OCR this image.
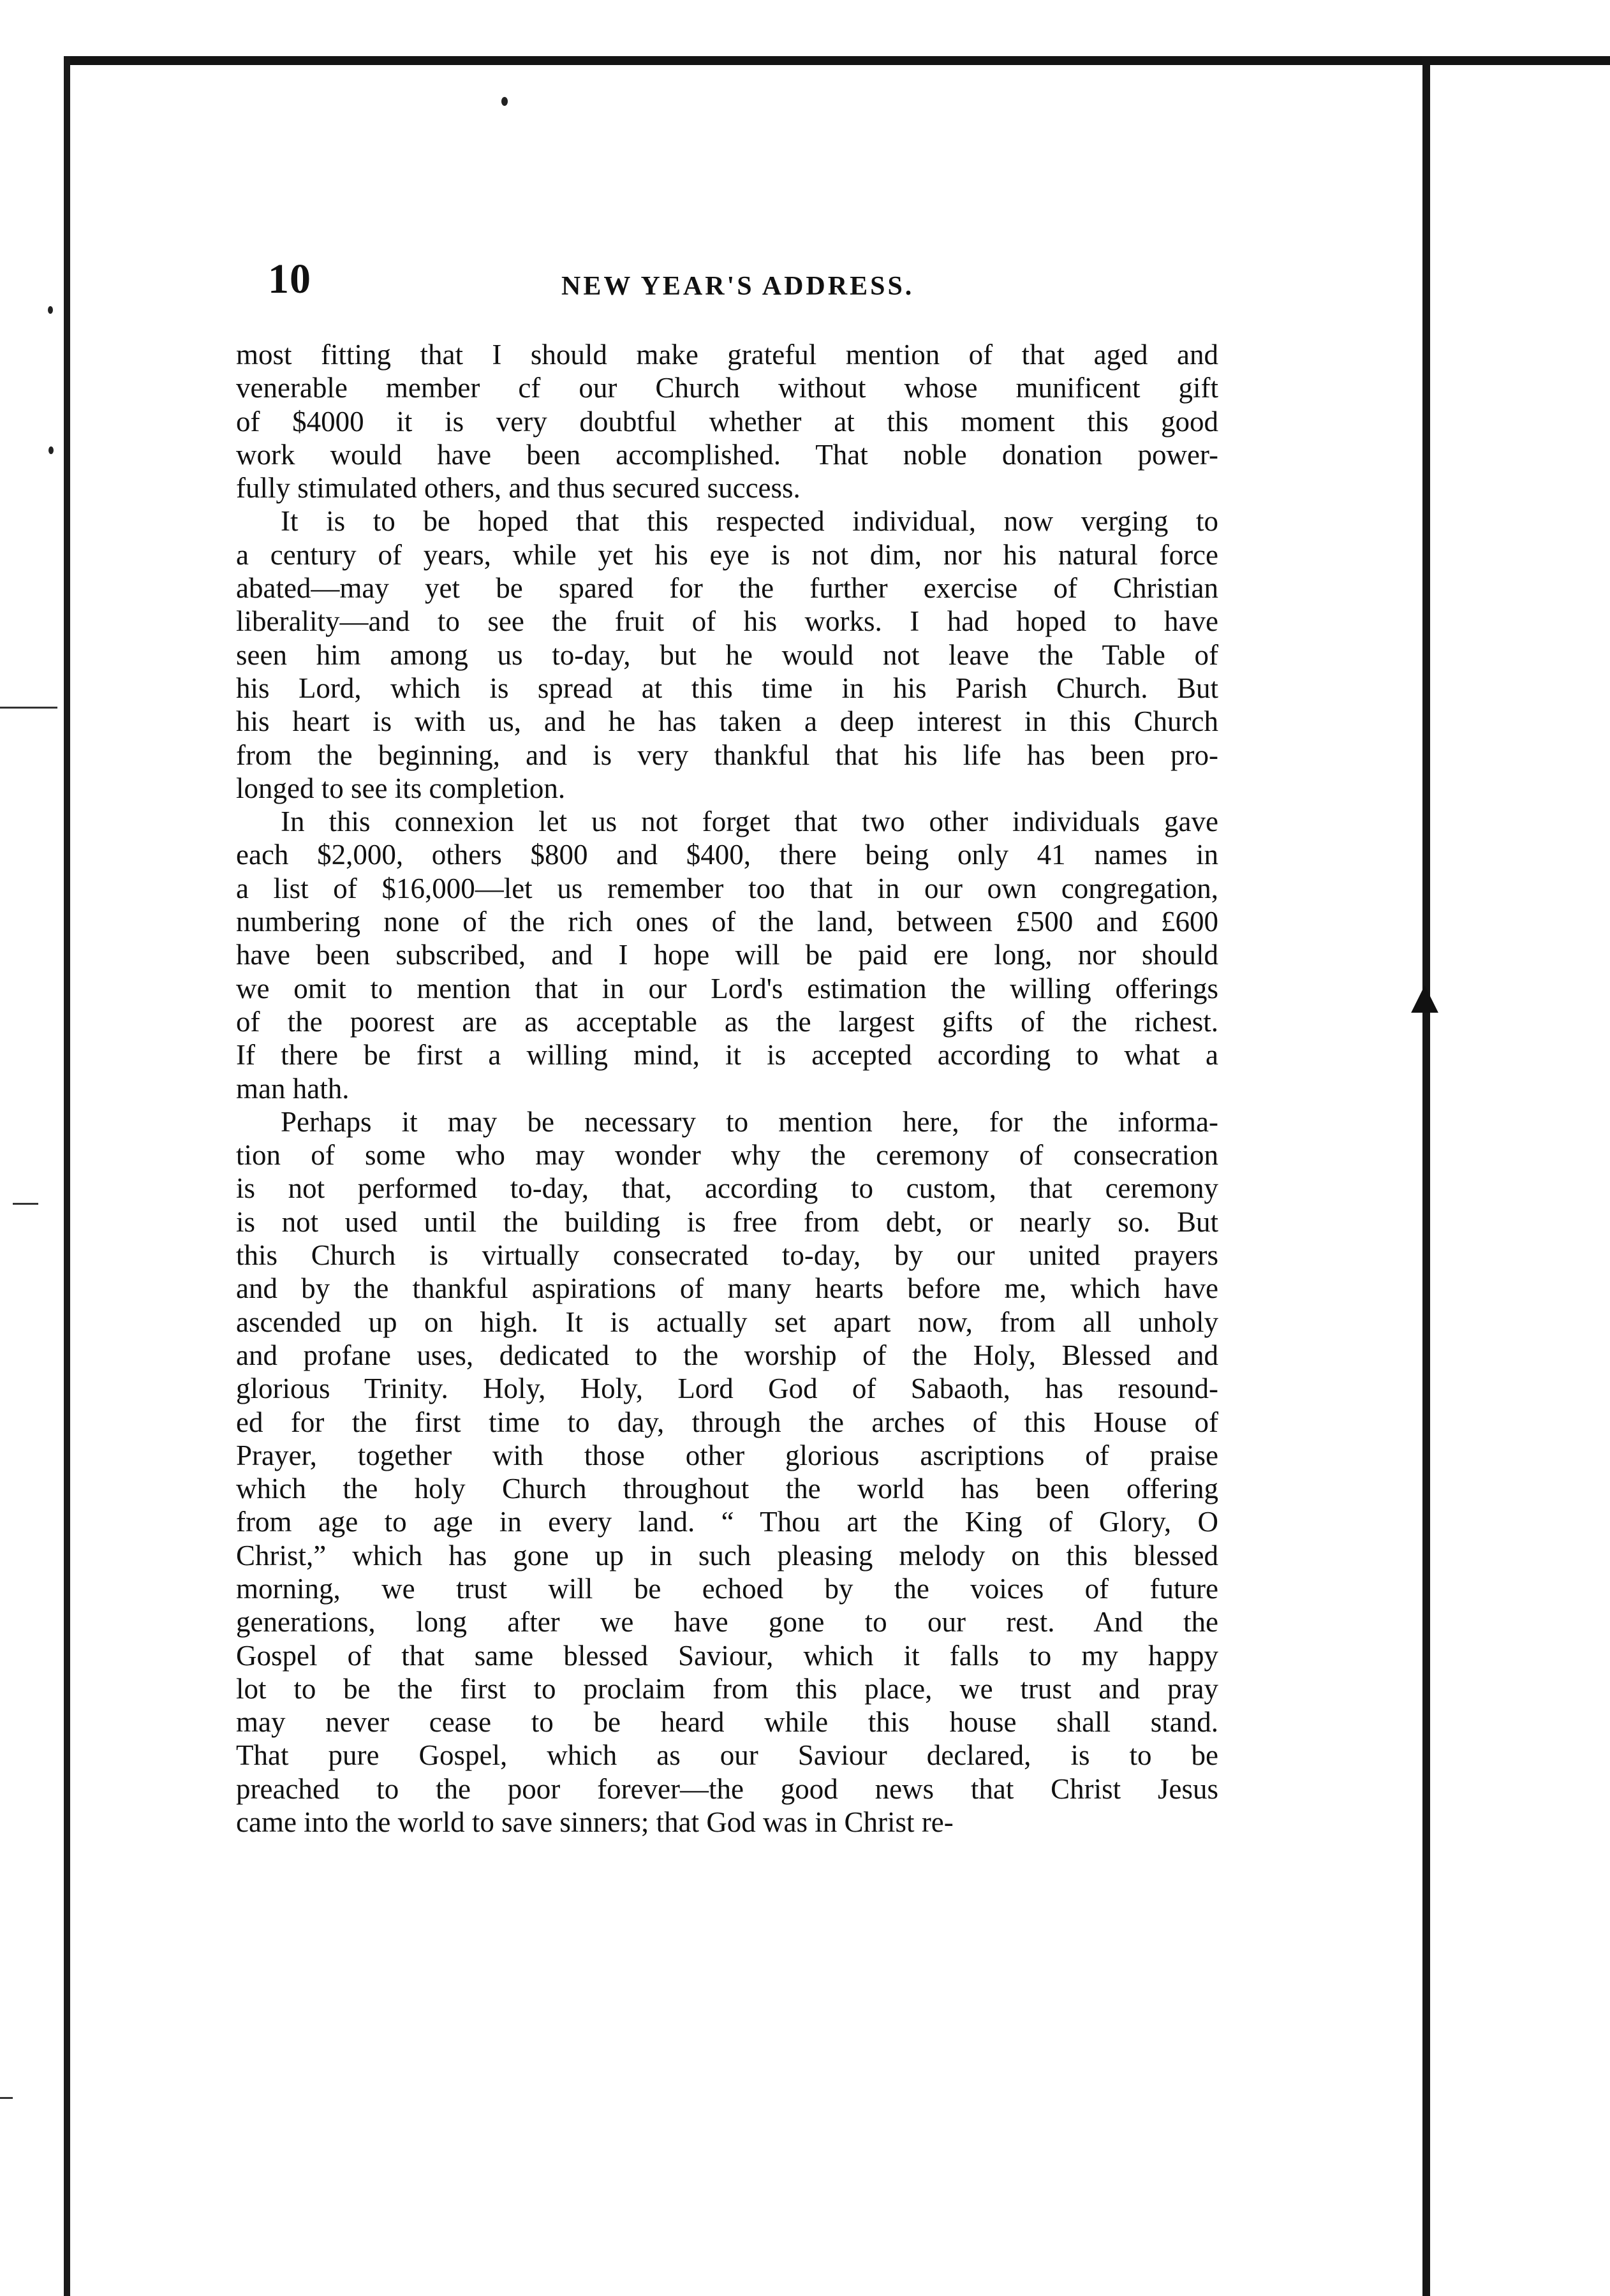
▲
10	NEW YEAR'S ADDRESS.
most fitting that I should make grateful mention of that aged and
venerable member cf our Church without whose munificent gift
of $4000 it is very doubtful whether at this moment this good
work would have been accomplished. That noble donation power-
fully stimulated others, and thus secured success.
It is to be hoped that this respected individual, now verging to
a century of years, while yet his eye is not dim, nor his natural force
abated—may yet be spared for the further exercise of Christian
liberality—and to see the fruit of his works. I had hoped to have
seen him among us to-day, but he would not leave the Table of
his Lord, which is spread at this time in his Parish Church. But
his heart is with us, and he has taken a deep interest in this Church
from the beginning, and is very thankful that his life has been pro-
longed to see its completion.
In this connexion let us not forget that two other individuals gave
each $2,000, others $800 and $400, there being only 41 names in
a list of $16,000—let us remember too that in our own congregation,
numbering none of the rich ones of the land, between £500 and £600
have been subscribed, and I hope will be paid ere long, nor should
we omit to mention that in our Lord's estimation the willing offerings
of the poorest are as acceptable as the largest gifts of the richest.
If there be first a willing mind, it is accepted according to what a
man hath.
Perhaps it may be necessary to mention here, for the informa-
tion of some who may wonder why the ceremony of consecration
is not performed to-day, that, according to custom, that ceremony
is not used until the building is free from debt, or nearly so. But
this Church is virtually consecrated to-day, by our united prayers
and by the thankful aspirations of many hearts before me, which have
ascended up on high. It is actually set apart now, from all unholy
and profane uses, dedicated to the worship of the Holy, Blessed and
glorious Trinity. Holy, Holy, Lord God of Sabaoth, has resound-
ed for the first time to day, through the arches of this House of
Prayer, together with those other glorious ascriptions of praise
which the holy Church throughout the world has been offering
from age to age in every land. “ Thou art the King of Glory, O
Christ,” which has gone up in such pleasing melody on this blessed
morning, we trust will be echoed by the voices of future
generations, long after we have gone to our rest. And the
Gospel of that same blessed Saviour, which it falls to my happy
lot to be the first to proclaim from this place, we trust and pray
may never cease to be heard while this house shall stand.
That pure Gospel, which as our Saviour declared, is to be
preached to the poor forever—the good news that Christ Jesus
came into the world to save sinners; that God was in Christ re-
